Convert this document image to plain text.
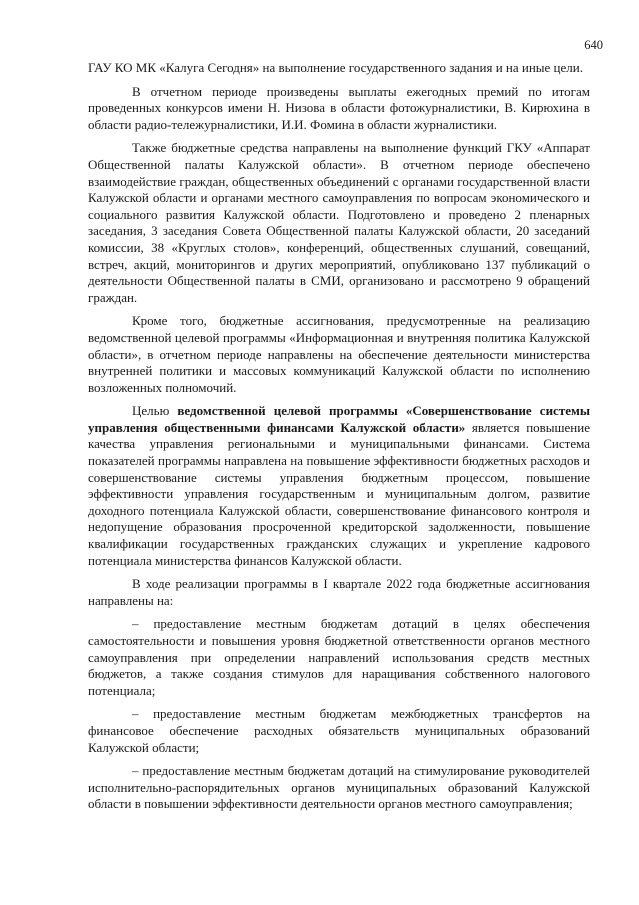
640

ГАУ КО МК «Калуга Сегодня» на выполнение государственного задания и на иные цели.

В отчетном периоде произведены выплаты ежегодных премий по итогам проведенных конкурсов имени Н. Низова в области фотожурналистики, В. Кирюхина в области радио-тележурналистики, И.И. Фомина в области журналистики.

Также бюджетные средства направлены на выполнение функций ГКУ «Аппарат Общественной палаты Калужской области». В отчетном периоде обеспечено взаимодействие граждан, общественных объединений с органами государственной власти Калужской области и органами местного самоуправления по вопросам экономического и социального развития Калужской области. Подготовлено и проведено 2 пленарных заседания, 3 заседания Совета Общественной палаты Калужской области, 20 заседаний комиссии, 38 «Круглых столов», конференций, общественных слушаний, совещаний, встреч, акций, мониторингов и других мероприятий, опубликовано 137 публикаций о деятельности Общественной палаты в СМИ, организовано и рассмотрено 9 обращений граждан.

Кроме того, бюджетные ассигнования, предусмотренные на реализацию ведомственной целевой программы «Информационная и внутренняя политика Калужской области», в отчетном периоде направлены на обеспечение деятельности министерства внутренней политики и массовых коммуникаций Калужской области по исполнению возложенных полномочий.

Целью ведомственной целевой программы «Совершенствование системы управления общественными финансами Калужской области» является повышение качества управления региональными и муниципальными финансами. Система показателей программы направлена на повышение эффективности бюджетных расходов и совершенствование системы управления бюджетным процессом, повышение эффективности управления государственным и муниципальным долгом, развитие доходного потенциала Калужской области, совершенствование финансового контроля и недопущение образования просроченной кредиторской задолженности, повышение квалификации государственных гражданских служащих и укрепление кадрового потенциала министерства финансов Калужской области.

В ходе реализации программы в I квартале 2022 года бюджетные ассигнования направлены на:

– предоставление местным бюджетам дотаций в целях обеспечения самостоятельности и повышения уровня бюджетной ответственности органов местного самоуправления при определении направлений использования средств местных бюджетов, а также создания стимулов для наращивания собственного налогового потенциала;

– предоставление местным бюджетам межбюджетных трансфертов на финансовое обеспечение расходных обязательств муниципальных образований Калужской области;

– предоставление местным бюджетам дотаций на стимулирование руководителей исполнительно-распорядительных органов муниципальных образований Калужской области в повышении эффективности деятельности органов местного самоуправления;
